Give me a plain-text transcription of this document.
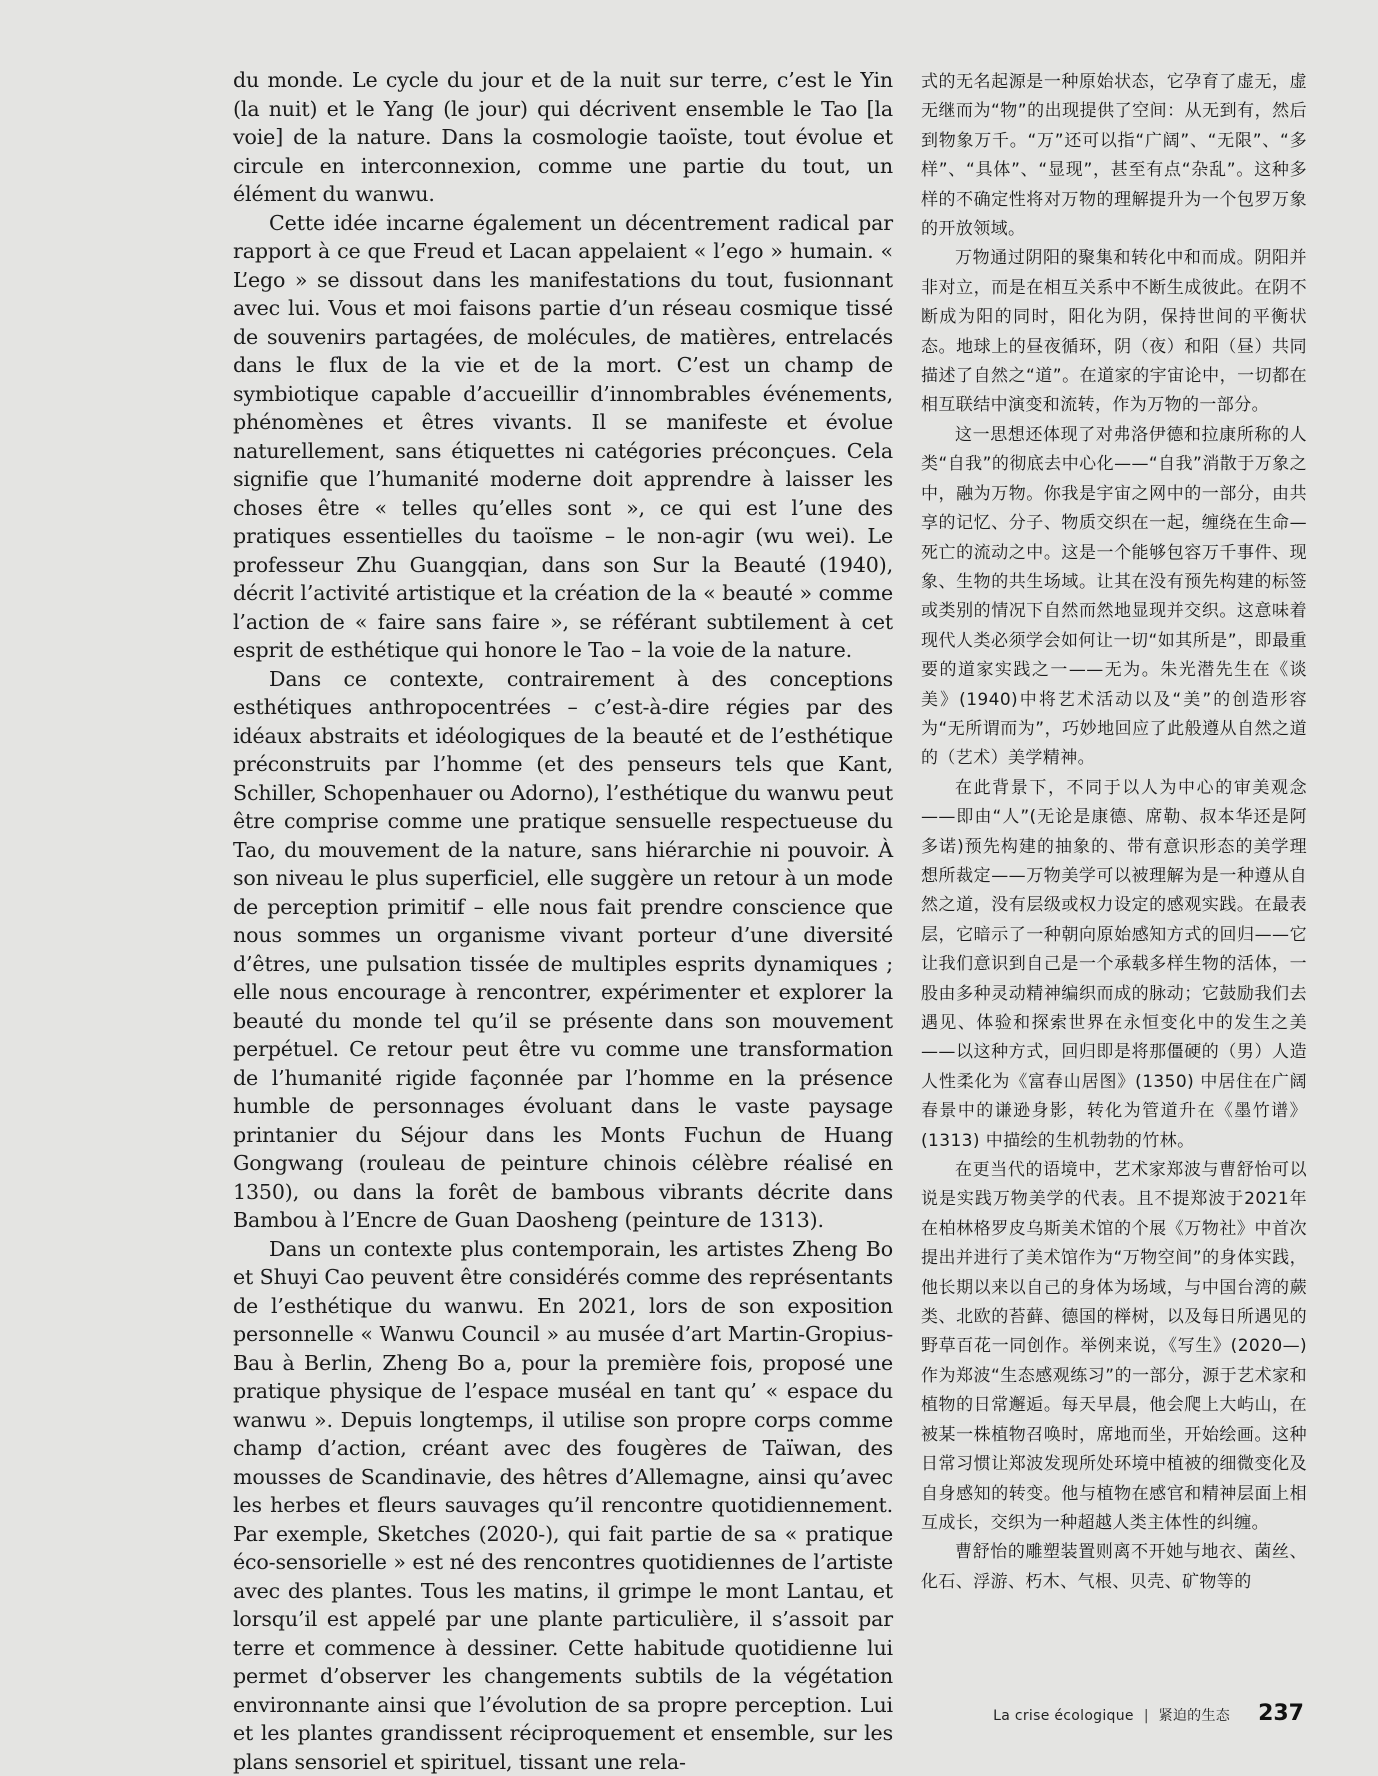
du monde. Le cycle du jour et de la nuit sur terre, c’est le Yin (la nuit) et le Yang (le jour) qui décrivent ensemble le Tao [la voie] de la nature. Dans la cosmologie taoïste, tout évolue et circule en interconnexion, comme une partie du tout, un élément du wanwu.

Cette idée incarne également un décentrement radical par rapport à ce que Freud et Lacan appelaient « l’ego » humain. « L’ego » se dissout dans les manifestations du tout, fusionnant avec lui. Vous et moi faisons partie d’un réseau cosmique tissé de souvenirs partagées, de molécules, de matières, entrelacés dans le flux de la vie et de la mort. C’est un champ de symbiotique capable d’accueillir d’innombrables événements, phénomènes et êtres vivants. Il se manifeste et évolue naturellement, sans étiquettes ni catégories préconçues. Cela signifie que l’humanité moderne doit apprendre à laisser les choses être « telles qu’elles sont », ce qui est l’une des pratiques essentielles du taoïsme – le non-agir (wu wei). Le professeur Zhu Guangqian, dans son Sur la Beauté (1940), décrit l’activité artistique et la création de la « beauté » comme l’action de « faire sans faire », se référant subtilement à cet esprit de esthétique qui honore le Tao – la voie de la nature.

Dans ce contexte, contrairement à des conceptions esthétiques anthropocentrées – c’est-à-dire régies par des idéaux abstraits et idéologiques de la beauté et de l’esthétique préconstruits par l’homme (et des penseurs tels que Kant, Schiller, Schopenhauer ou Adorno), l’esthétique du wanwu peut être comprise comme une pratique sensuelle respectueuse du Tao, du mouvement de la nature, sans hiérarchie ni pouvoir. À son niveau le plus superficiel, elle suggère un retour à un mode de perception primitif – elle nous fait prendre conscience que nous sommes un organisme vivant porteur d’une diversité d’êtres, une pulsation tissée de multiples esprits dynamiques ; elle nous encourage à rencontrer, expérimenter et explorer la beauté du monde tel qu’il se présente dans son mouvement perpétuel. Ce retour peut être vu comme une transformation de l’humanité rigide façonnée par l’homme en la présence humble de personnages évoluant dans le vaste paysage printanier du Séjour dans les Monts Fuchun de Huang Gongwang (rouleau de peinture chinois célèbre réalisé en 1350), ou dans la forêt de bambous vibrants décrite dans Bambou à l’Encre de Guan Daosheng (peinture de 1313).

Dans un contexte plus contemporain, les artistes Zheng Bo et Shuyi Cao peuvent être considérés comme des représentants de l’esthétique du wanwu. En 2021, lors de son exposition personnelle « Wanwu Council » au musée d’art Martin-Gropius-Bau à Berlin, Zheng Bo a, pour la première fois, proposé une pratique physique de l’espace muséal en tant qu’ « espace du wanwu ». Depuis longtemps, il utilise son propre corps comme champ d’action, créant avec des fougères de Taïwan, des mousses de Scandinavie, des hêtres d’Allemagne, ainsi qu’avec les herbes et fleurs sauvages qu’il rencontre quotidiennement. Par exemple, Sketches (2020-), qui fait partie de sa « pratique éco-sensorielle » est né des rencontres quotidiennes de l’artiste avec des plantes. Tous les matins, il grimpe le mont Lantau, et lorsqu’il est appelé par une plante particulière, il s’assoit par terre et commence à dessiner. Cette habitude quotidienne lui permet d’observer les changements subtils de la végétation environnante ainsi que l’évolution de sa propre perception. Lui et les plantes grandissent réciproquement et ensemble, sur les plans sensoriel et spirituel, tissant une rela-

式的无名起源是一种原始状态，它孕育了虚无，虚无继而为“物”的出现提供了空间：从无到有，然后到物象万千。“万”还可以指“广阔”、“无限”、“多样”、“具体”、“显现”，甚至有点“杂乱”。这种多样的不确定性将对万物的理解提升为一个包罗万象的开放领域。

万物通过阴阳的聚集和转化中和而成。阴阳并非对立，而是在相互关系中不断生成彼此。在阴不断成为阳的同时，阳化为阴，保持世间的平衡状态。地球上的昼夜循环，阴（夜）和阳（昼）共同描述了自然之“道”。在道家的宇宙论中，一切都在相互联结中演变和流转，作为万物的一部分。

这一思想还体现了对弗洛伊德和拉康所称的人类“自我”的彻底去中心化——“自我”消散于万象之中，融为万物。你我是宇宙之网中的一部分，由共享的记忆、分子、物质交织在一起，缠绕在生命—死亡的流动之中。这是一个能够包容万千事件、现象、生物的共生场域。让其在没有预先构建的标签或类别的情况下自然而然地显现并交织。这意味着现代人类必须学会如何让一切“如其所是”，即最重要的道家实践之一——无为。朱光潜先生在《谈美》(1940)中将艺术活动以及“美”的创造形容为“无所谓而为”，巧妙地回应了此般遵从自然之道的（艺术）美学精神。

在此背景下，不同于以人为中心的审美观念——即由“人”(无论是康德、席勒、叔本华还是阿多诺)预先构建的抽象的、带有意识形态的美学理想所裁定——万物美学可以被理解为是一种遵从自然之道，没有层级或权力设定的感观实践。在最表层，它暗示了一种朝向原始感知方式的回归——它让我们意识到自己是一个承载多样生物的活体，一股由多种灵动精神编织而成的脉动；它鼓励我们去遇见、体验和探索世界在永恒变化中的发生之美——以这种方式，回归即是将那僵硬的（男）人造人性柔化为《富春山居图》(1350) 中居住在广阔春景中的谦逊身影，转化为管道升在《墨竹谱》(1313) 中描绘的生机勃勃的竹林。

在更当代的语境中，艺术家郑波与曹舒怡可以说是实践万物美学的代表。且不提郑波于2021年在柏林格罗皮乌斯美术馆的个展《万物社》中首次提出并进行了美术馆作为“万物空间”的身体实践，他长期以来以自己的身体为场域，与中国台湾的蕨类、北欧的苔藓、德国的榉树，以及每日所遇见的野草百花一同创作。举例来说，《写生》(2020—) 作为郑波“生态感观练习”的一部分，源于艺术家和植物的日常邂逅。每天早晨，他会爬上大屿山，在被某一株植物召唤时，席地而坐，开始绘画。这种日常习惯让郑波发现所处环境中植被的细微变化及自身感知的转变。他与植物在感官和精神层面上相互成长，交织为一种超越人类主体性的纠缠。

曹舒怡的雕塑装置则离不开她与地衣、菌丝、化石、浮游、朽木、气根、贝壳、矿物等的

La crise écologique | 紧迫的生态 237
